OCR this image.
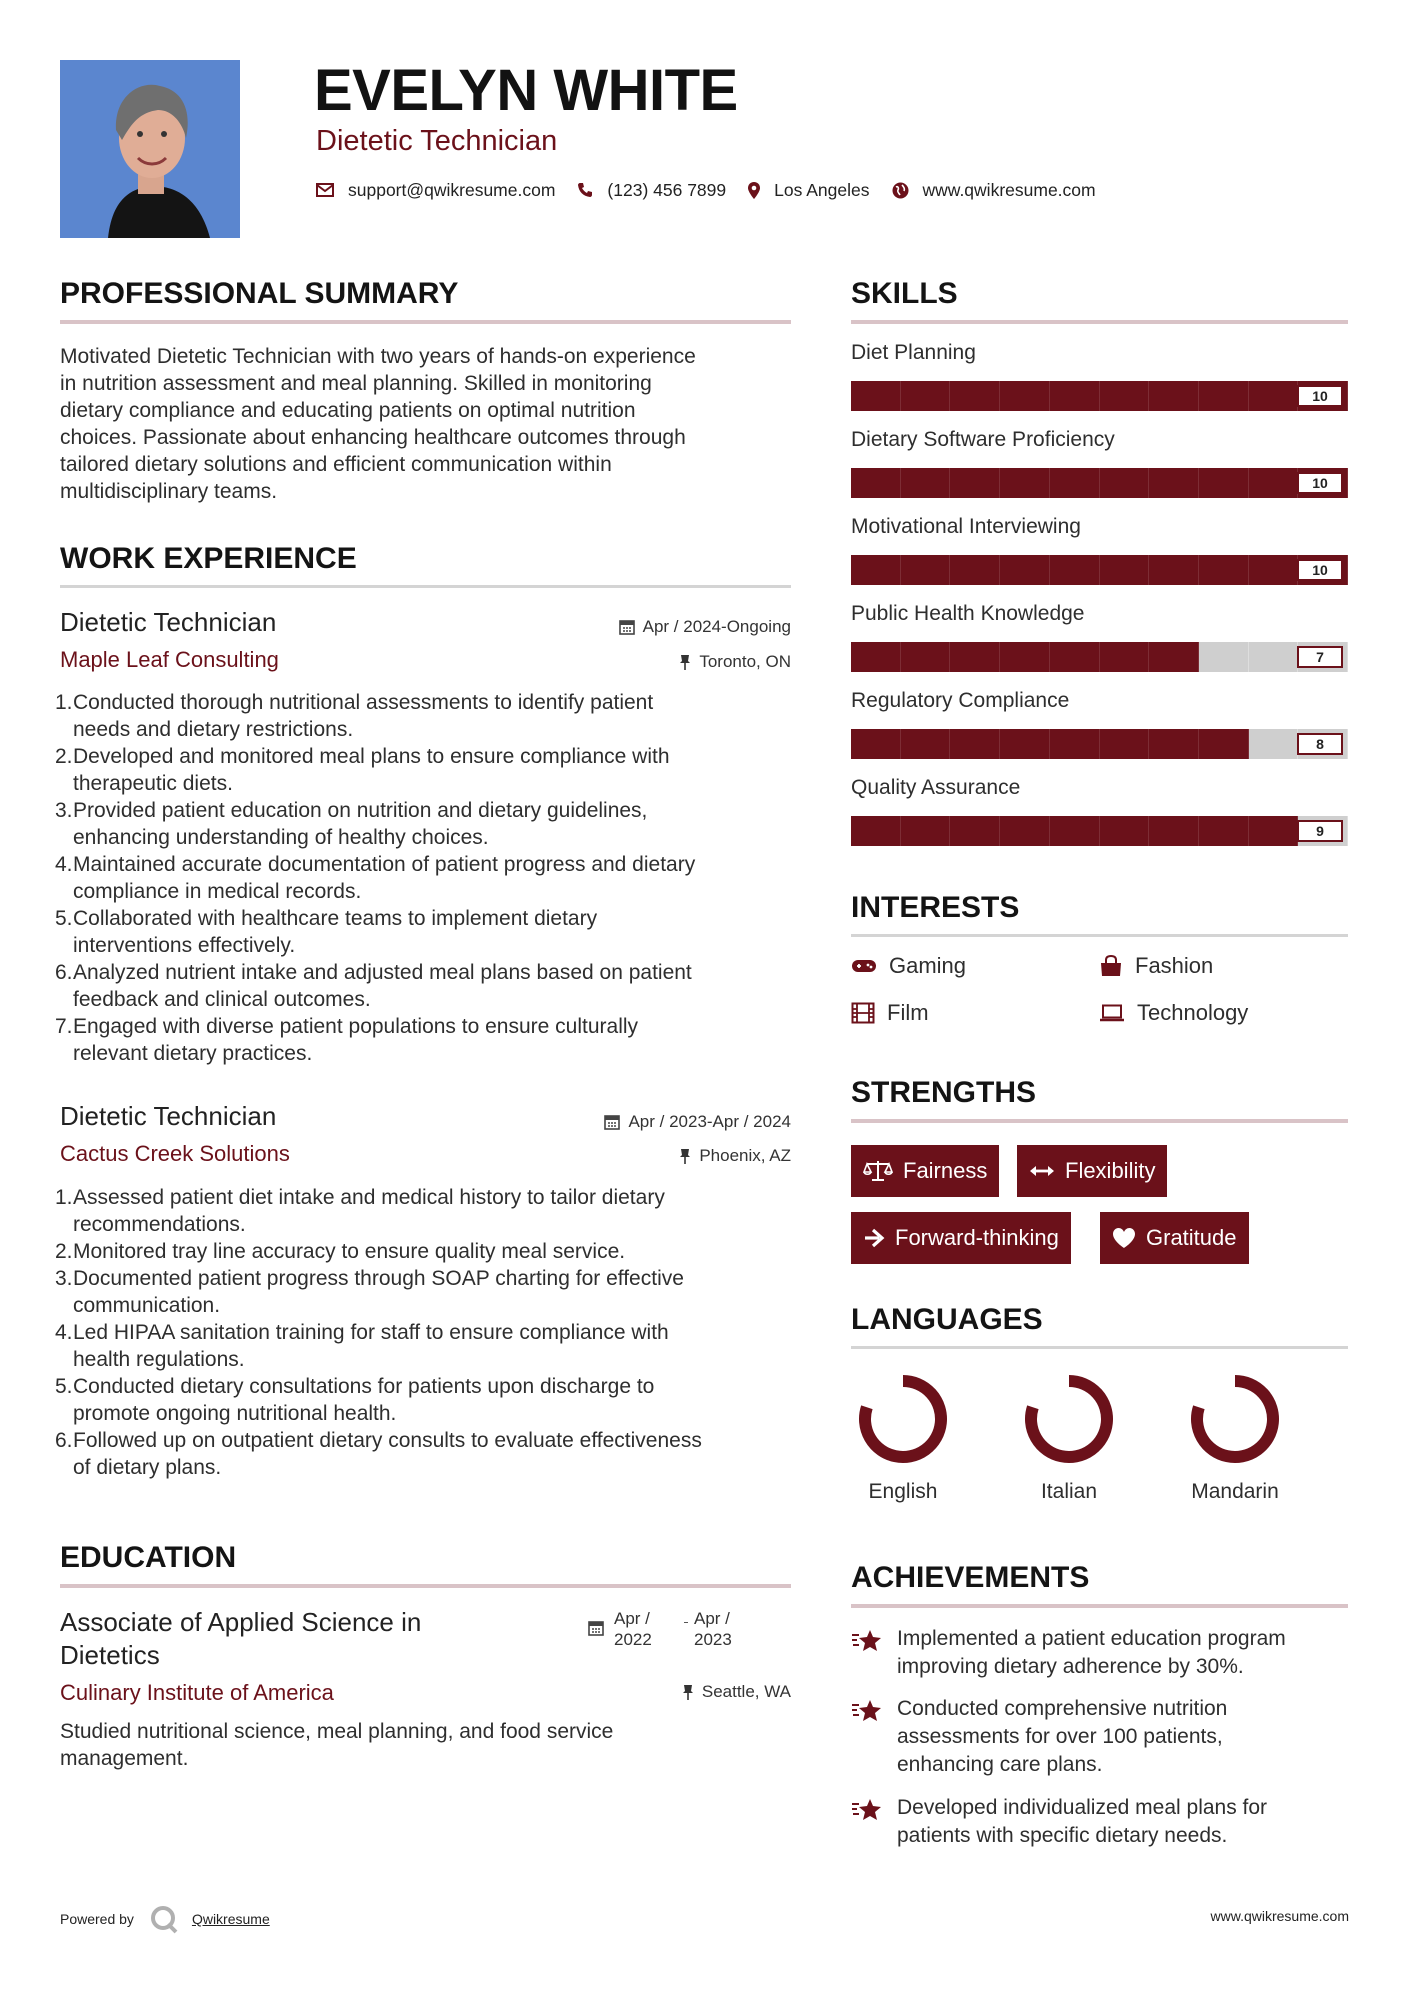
EVELYN WHITE
Dietetic Technician
support@qwikresume.com	(123) 456 7899	Los Angeles	www.qwikresume.com
PROFESSIONAL SUMMARY
Motivated Dietetic Technician with two years of hands-on experience
in nutrition assessment and meal planning. Skilled in monitoring
dietary compliance and educating patients on optimal nutrition
choices. Passionate about enhancing healthcare outcomes through
tailored dietary solutions and efficient communication within
multidisciplinary teams.
WORK EXPERIENCE
Dietetic Technician	Apr / 2024-Ongoing
Maple Leaf Consulting	Toronto, ON
1. Conducted thorough nutritional assessments to identify patient
needs and dietary restrictions.
2. Developed and monitored meal plans to ensure compliance with
therapeutic diets.
3. Provided patient education on nutrition and dietary guidelines,
enhancing understanding of healthy choices.
4. Maintained accurate documentation of patient progress and dietary
compliance in medical records.
5. Collaborated with healthcare teams to implement dietary
interventions effectively.
6. Analyzed nutrient intake and adjusted meal plans based on patient
feedback and clinical outcomes.
7. Engaged with diverse patient populations to ensure culturally
relevant dietary practices.
Dietetic Technician	Apr / 2023-Apr / 2024
Cactus Creek Solutions	Phoenix, AZ
1. Assessed patient diet intake and medical history to tailor dietary
recommendations.
2. Monitored tray line accuracy to ensure quality meal service.
3. Documented patient progress through SOAP charting for effective
communication.
4. Led HIPAA sanitation training for staff to ensure compliance with
health regulations.
5. Conducted dietary consultations for patients upon discharge to
promote ongoing nutritional health.
6. Followed up on outpatient dietary consults to evaluate effectiveness
of dietary plans.
EDUCATION
Associate of Applied Science in
Dietetics
Apr /
2022
Apr /
2023
Culinary Institute of America	Seattle, WA
Studied nutritional science, meal planning, and food service
management.
SKILLS
Diet Planning
10
Dietary Software Proficiency
10
Motivational Interviewing
10
Public Health Knowledge
7
Regulatory Compliance
8
Quality Assurance
9
INTERESTS
Gaming	Fashion
Film	Technology
STRENGTHS
Fairness	Flexibility
Forward-thinking	Gratitude
LANGUAGES
English	Italian	Mandarin
ACHIEVEMENTS
Implemented a patient education program
improving dietary adherence by 30%.
Conducted comprehensive nutrition
assessments for over 100 patients,
enhancing care plans.
Developed individualized meal plans for
patients with specific dietary needs.
Powered by	Qwikresume	www.qwikresume.com
